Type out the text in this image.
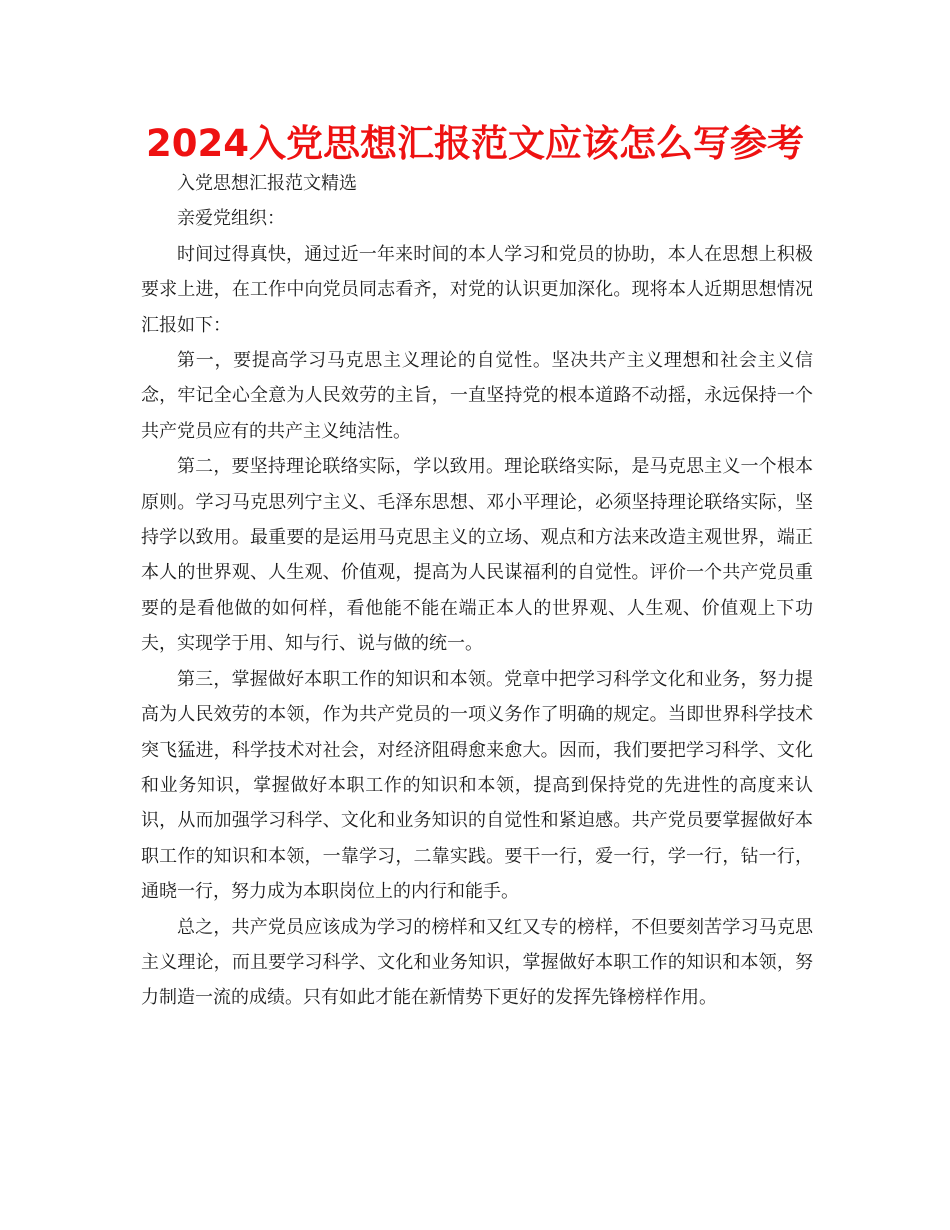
2024入党思想汇报范文应该怎么写参考

入党思想汇报范文精选

亲爱党组织：

时间过得真快，通过近一年来时间的本人学习和党员的协助，本人在思想上积极要求上进，在工作中向党员同志看齐，对党的认识更加深化。现将本人近期思想情况汇报如下：

第一，要提高学习马克思主义理论的自觉性。坚决共产主义理想和社会主义信念，牢记全心全意为人民效劳的主旨，一直坚持党的根本道路不动摇，永远保持一个共产党员应有的共产主义纯洁性。

第二，要坚持理论联络实际，学以致用。理论联络实际，是马克思主义一个根本原则。学习马克思列宁主义、毛泽东思想、邓小平理论，必须坚持理论联络实际，坚持学以致用。最重要的是运用马克思主义的立场、观点和方法来改造主观世界，端正本人的世界观、人生观、价值观，提高为人民谋福利的自觉性。评价一个共产党员重要的是看他做的如何样，看他能不能在端正本人的世界观、人生观、价值观上下功夫，实现学于用、知与行、说与做的统一。

第三，掌握做好本职工作的知识和本领。党章中把学习科学文化和业务，努力提高为人民效劳的本领，作为共产党员的一项义务作了明确的规定。当即世界科学技术突飞猛进，科学技术对社会，对经济阻碍愈来愈大。因而，我们要把学习科学、文化和业务知识，掌握做好本职工作的知识和本领，提高到保持党的先进性的高度来认识，从而加强学习科学、文化和业务知识的自觉性和紧迫感。共产党员要掌握做好本职工作的知识和本领，一靠学习，二靠实践。要干一行，爱一行，学一行，钻一行，通晓一行，努力成为本职岗位上的内行和能手。

总之，共产党员应该成为学习的榜样和又红又专的榜样，不但要刻苦学习马克思主义理论，而且要学习科学、文化和业务知识，掌握做好本职工作的知识和本领，努力制造一流的成绩。只有如此才能在新情势下更好的发挥先锋榜样作用。
